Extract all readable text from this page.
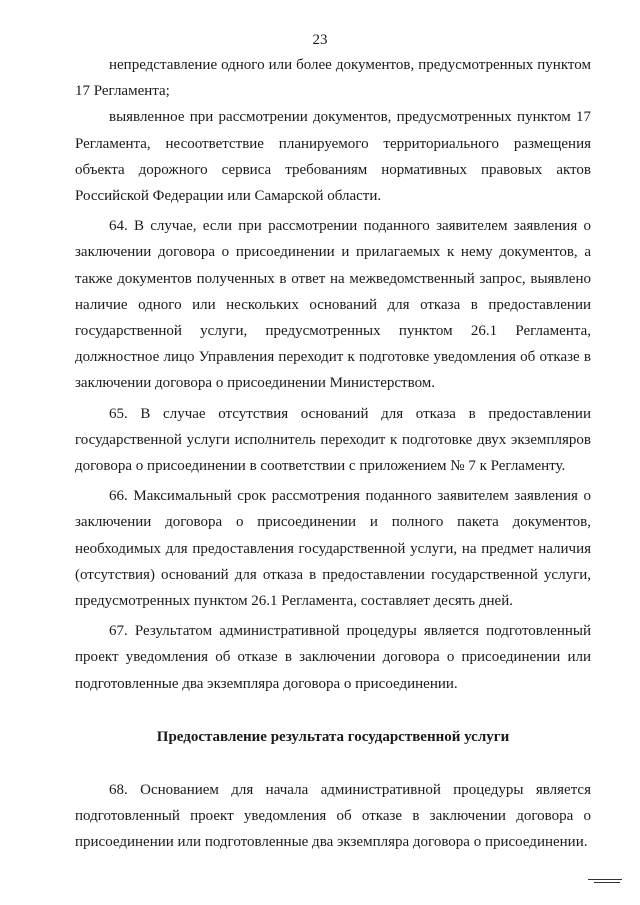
23

непредставление одного или более документов, предусмотренных пунктом 17 Регламента;

выявленное при рассмотрении документов, предусмотренных пунктом 17 Регламента, несоответствие планируемого территориального размещения объекта дорожного сервиса требованиям нормативных правовых актов Российской Федерации или Самарской области.

64. В случае, если при рассмотрении поданного заявителем заявления о заключении договора о присоединении и прилагаемых к нему документов, а также документов полученных в ответ на межведомственный запрос, выявлено наличие одного или нескольких оснований для отказа в предоставлении государственной услуги, предусмотренных пунктом 26.1 Регламента, должностное лицо Управления переходит к подготовке уведомления об отказе в заключении договора о присоединении Министерством.

65. В случае отсутствия оснований для отказа в предоставлении государственной услуги исполнитель переходит к подготовке двух экземпляров договора о присоединении в соответствии с приложением № 7 к Регламенту.

66. Максимальный срок рассмотрения поданного заявителем заявления о заключении договора о присоединении и полного пакета документов, необходимых для предоставления государственной услуги, на предмет наличия (отсутствия) оснований для отказа в предоставлении государственной услуги, предусмотренных пунктом 26.1 Регламента, составляет десять дней.

67. Результатом административной процедуры является подготовленный проект уведомления об отказе в заключении договора о присоединении или подготовленные два экземпляра договора о присоединении.

Предоставление результата государственной услуги

68. Основанием для начала административной процедуры является подготовленный проект уведомления об отказе в заключении договора о присоединении или подготовленные два экземпляра договора о присоединении.
